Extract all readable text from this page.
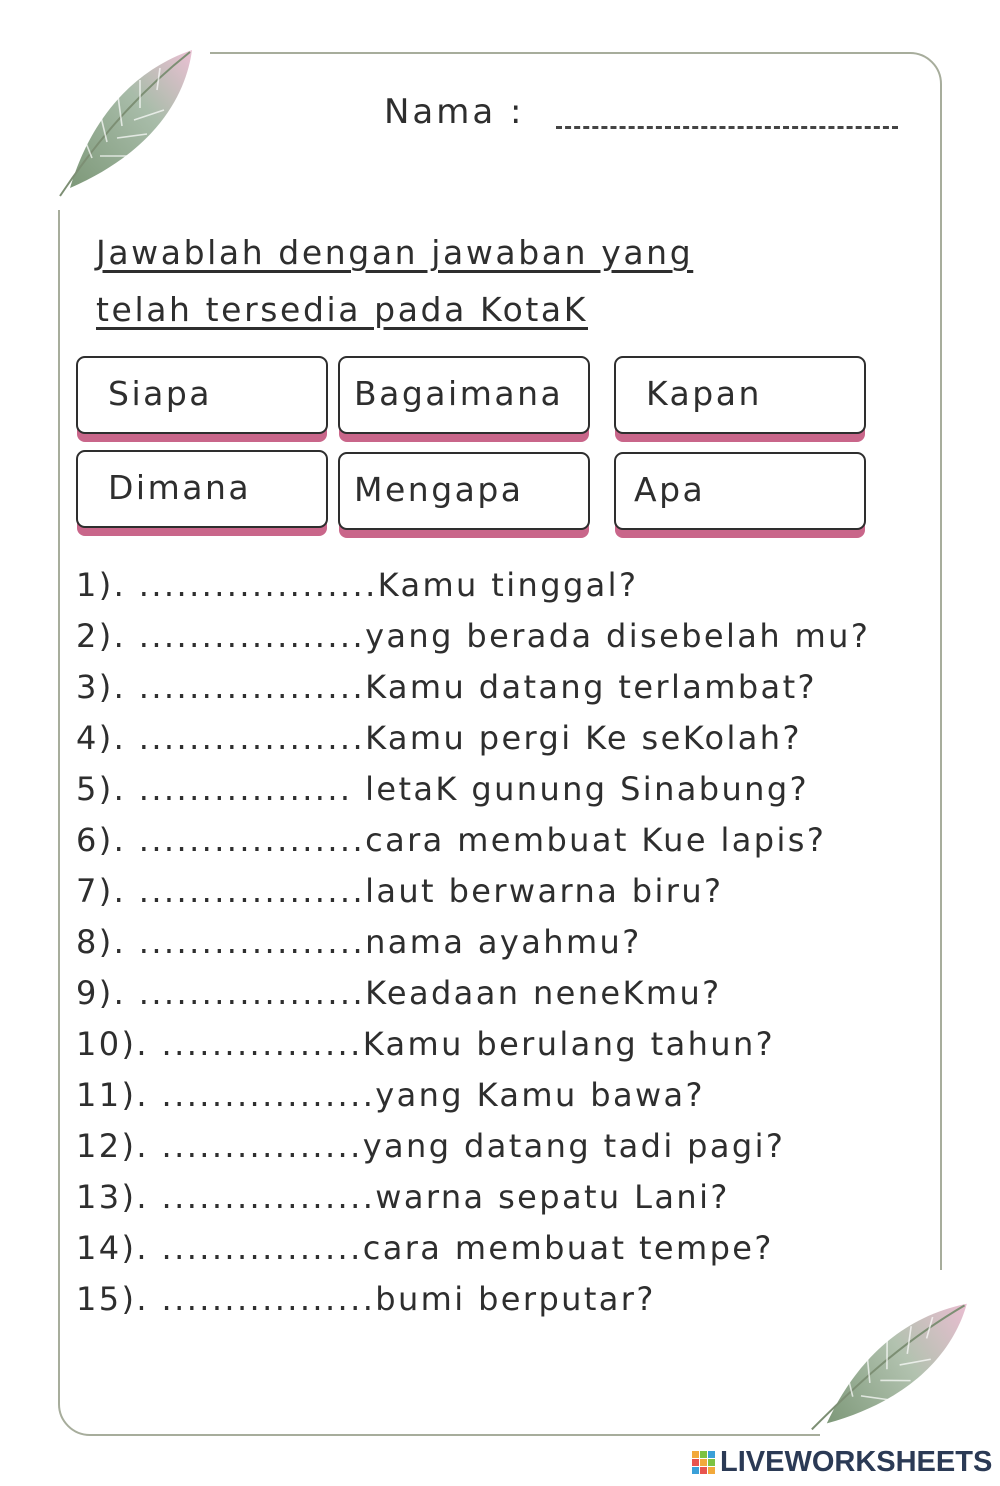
Nama :
Jawablah dengan jawaban yang
telah tersedia pada KotaK
Siapa	Bagaimana	Kapan
Dimana	Mengapa	Apa
1). ...................Kamu tinggal?
2). ..................yang berada disebelah mu?
3). ..................Kamu datang terlambat?
4). ..................Kamu pergi Ke seKolah?
5). ................. letaK gunung Sinabung?
6). ..................cara membuat Kue lapis?
7). ..................laut berwarna biru?
8). ..................nama ayahmu?
9). ..................Keadaan neneKmu?
10). ................Kamu berulang tahun?
11). .................yang Kamu bawa?
12). ................yang datang tadi pagi?
13). .................warna sepatu Lani?
14). ................cara membuat tempe?
15). .................bumi berputar?
LIVEWORKSHEETS
